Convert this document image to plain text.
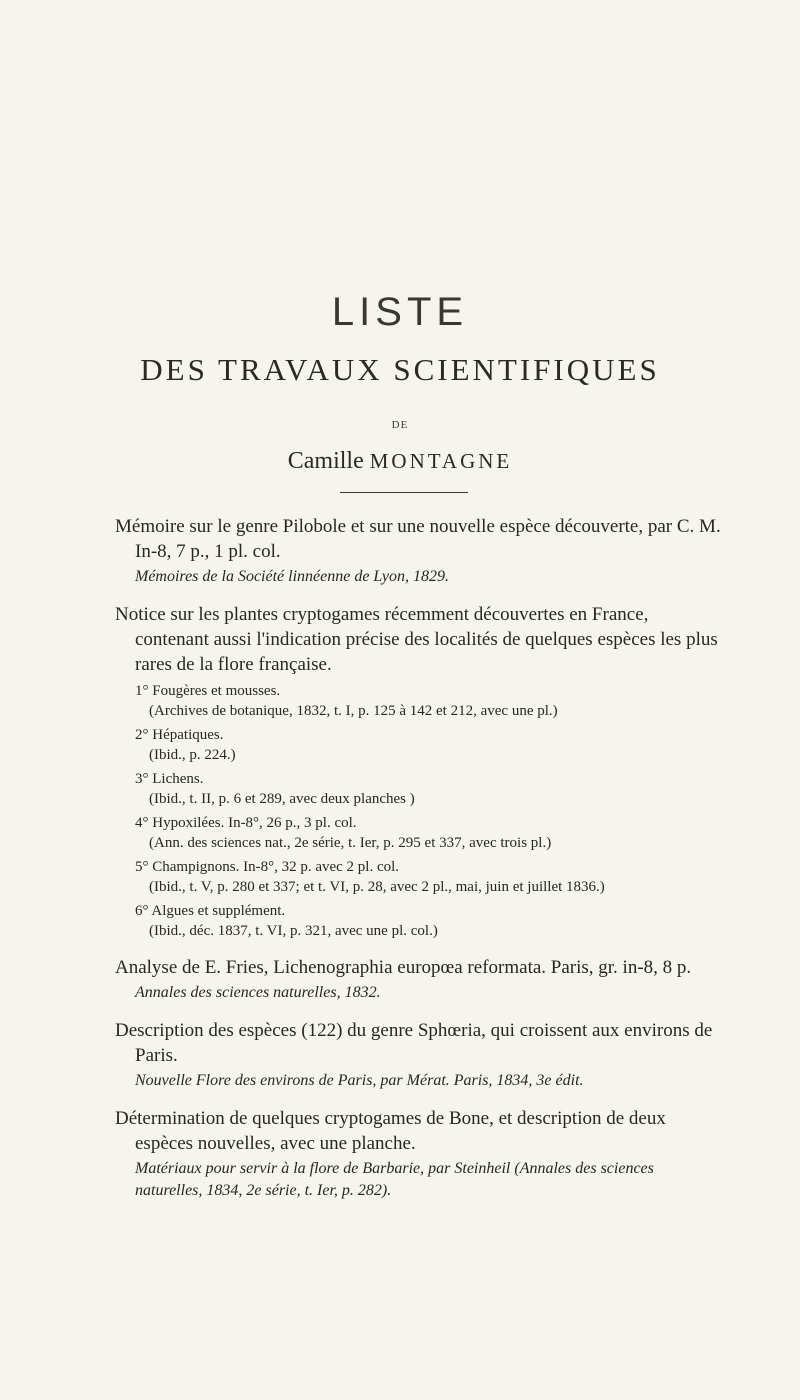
LISTE
DES TRAVAUX SCIENTIFIQUES
DE
Camille MONTAGNE

Mémoire sur le genre Pilobole et sur une nouvelle espèce découverte, par C. M. In-8, 7 p., 1 pl. col.

Mémoires de la Société linnéenne de Lyon, 1829.

Notice sur les plantes cryptogames récemment découvertes en France, contenant aussi l'indication précise des localités de quelques espèces les plus rares de la flore française.

1° Fougères et mousses.

(Archives de botanique, 1832, t. I, p. 125 à 142 et 212, avec une pl.)

2° Hépatiques.

(Ibid., p. 224.)

3° Lichens.

(Ibid., t. II, p. 6 et 289, avec deux planches )

4° Hypoxilées. In-8°, 26 p., 3 pl. col.

(Ann. des sciences nat., 2e série, t. Ier, p. 295 et 337, avec trois pl.)

5° Champignons. In-8°, 32 p. avec 2 pl. col.

(Ibid., t. V, p. 280 et 337; et t. VI, p. 28, avec 2 pl., mai, juin et juillet 1836.)

6° Algues et supplément.

(Ibid., déc. 1837, t. VI, p. 321, avec une pl. col.)

Analyse de E. Fries, Lichenographia europœa reformata. Paris, gr. in-8, 8 p.

Annales des sciences naturelles, 1832.

Description des espèces (122) du genre Sphœria, qui croissent aux environs de Paris.

Nouvelle Flore des environs de Paris, par Mérat. Paris, 1834, 3e édit.

Détermination de quelques cryptogames de Bone, et description de deux espèces nouvelles, avec une planche.

Matériaux pour servir à la flore de Barbarie, par Steinheil (Annales des sciences naturelles, 1834, 2e série, t. Ier, p. 282).
